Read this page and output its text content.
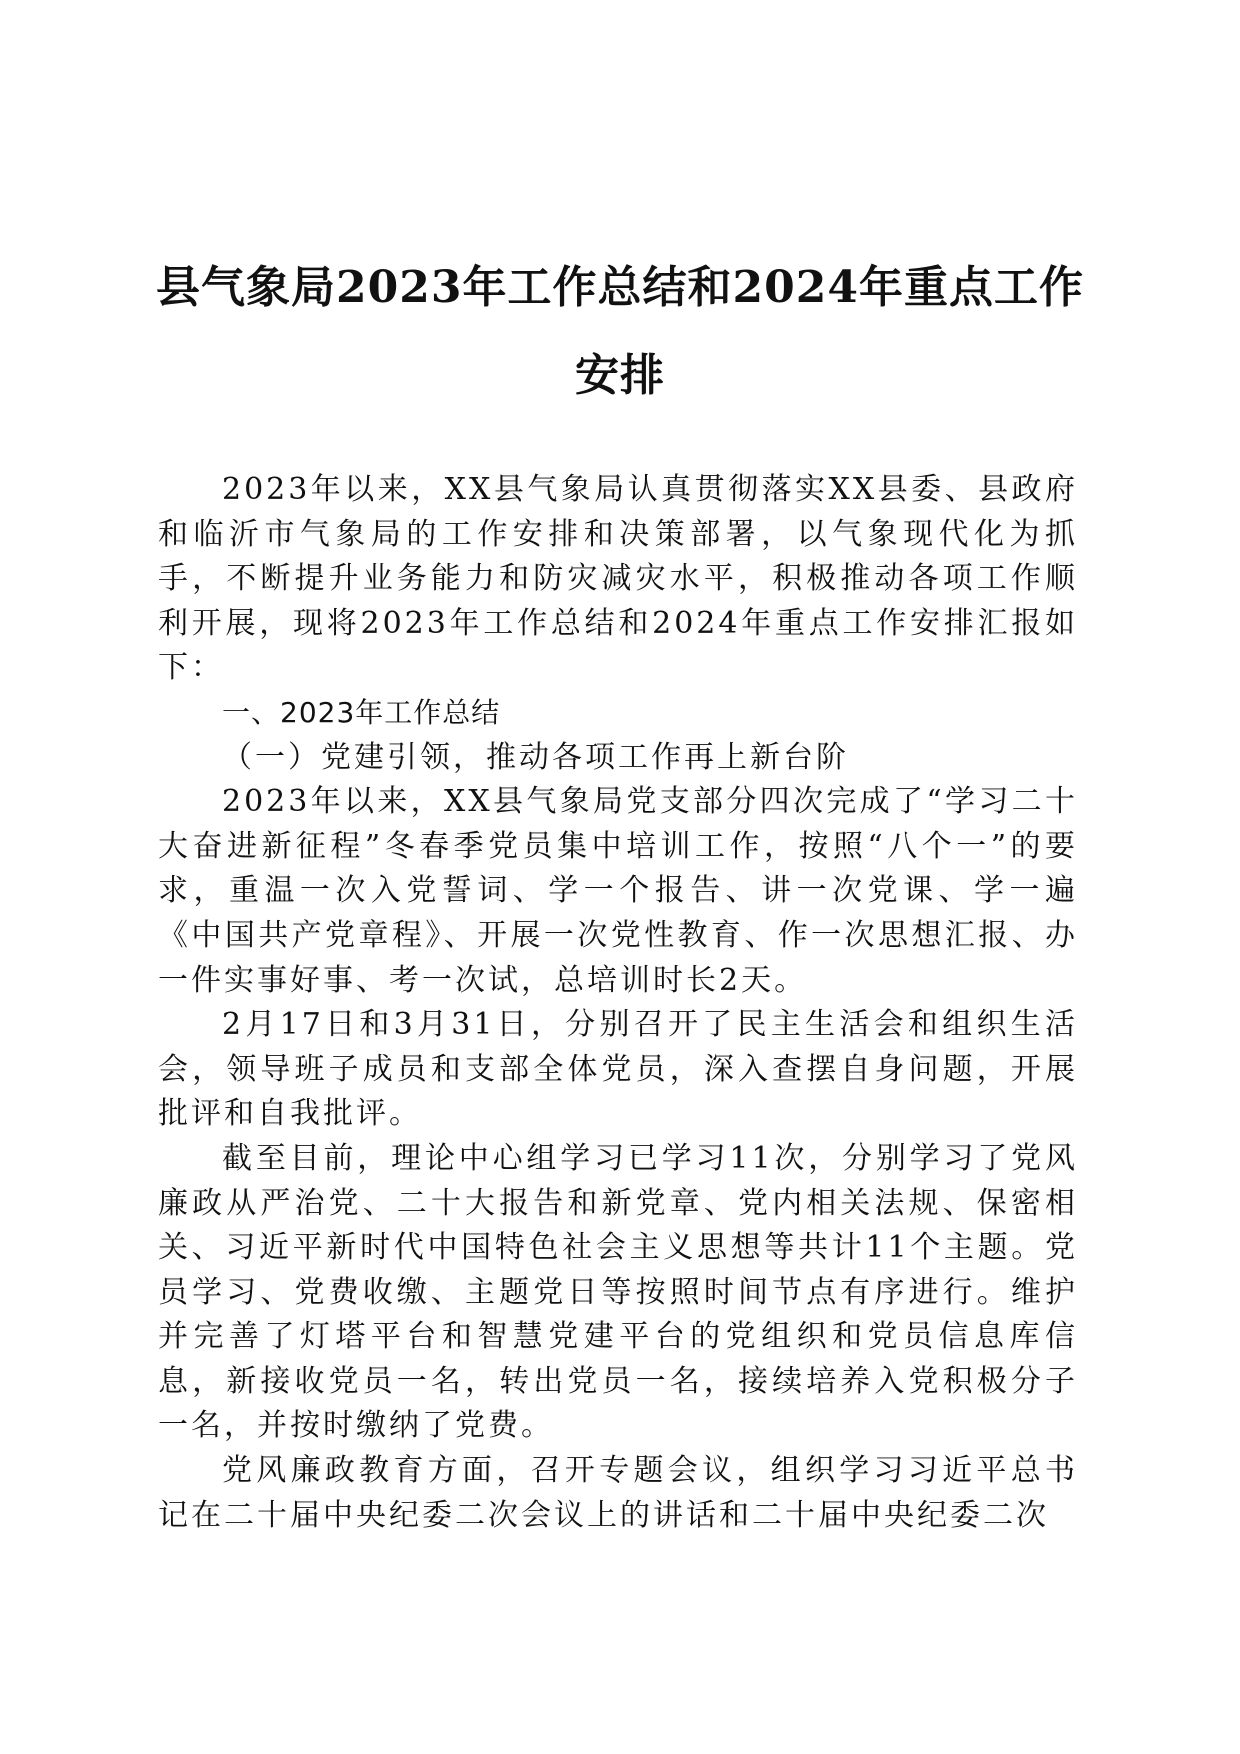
县气象局2023年工作总结和2024年重点工作
安排

2023年以来，XX县气象局认真贯彻落实XX县委、县政府和临沂市气象局的工作安排和决策部署，以气象现代化为抓手，不断提升业务能力和防灾减灾水平，积极推动各项工作顺利开展，现将2023年工作总结和2024年重点工作安排汇报如下：

一、2023年工作总结

（一）党建引领，推动各项工作再上新台阶

2023年以来，XX县气象局党支部分四次完成了“学习二十大奋进新征程”冬春季党员集中培训工作，按照“八个一”的要求，重温一次入党誓词、学一个报告、讲一次党课、学一遍《中国共产党章程》、开展一次党性教育、作一次思想汇报、办一件实事好事、考一次试，总培训时长2天。

2月17日和3月31日，分别召开了民主生活会和组织生活会，领导班子成员和支部全体党员，深入查摆自身问题，开展批评和自我批评。

截至目前，理论中心组学习已学习11次，分别学习了党风廉政从严治党、二十大报告和新党章、党内相关法规、保密相关、习近平新时代中国特色社会主义思想等共计11个主题。党员学习、党费收缴、主题党日等按照时间节点有序进行。维护并完善了灯塔平台和智慧党建平台的党组织和党员信息库信息，新接收党员一名，转出党员一名，接续培养入党积极分子一名，并按时缴纳了党费。

党风廉政教育方面，召开专题会议，组织学习习近平总书记在二十届中央纪委二次会议上的讲话和二十届中央纪委二次
